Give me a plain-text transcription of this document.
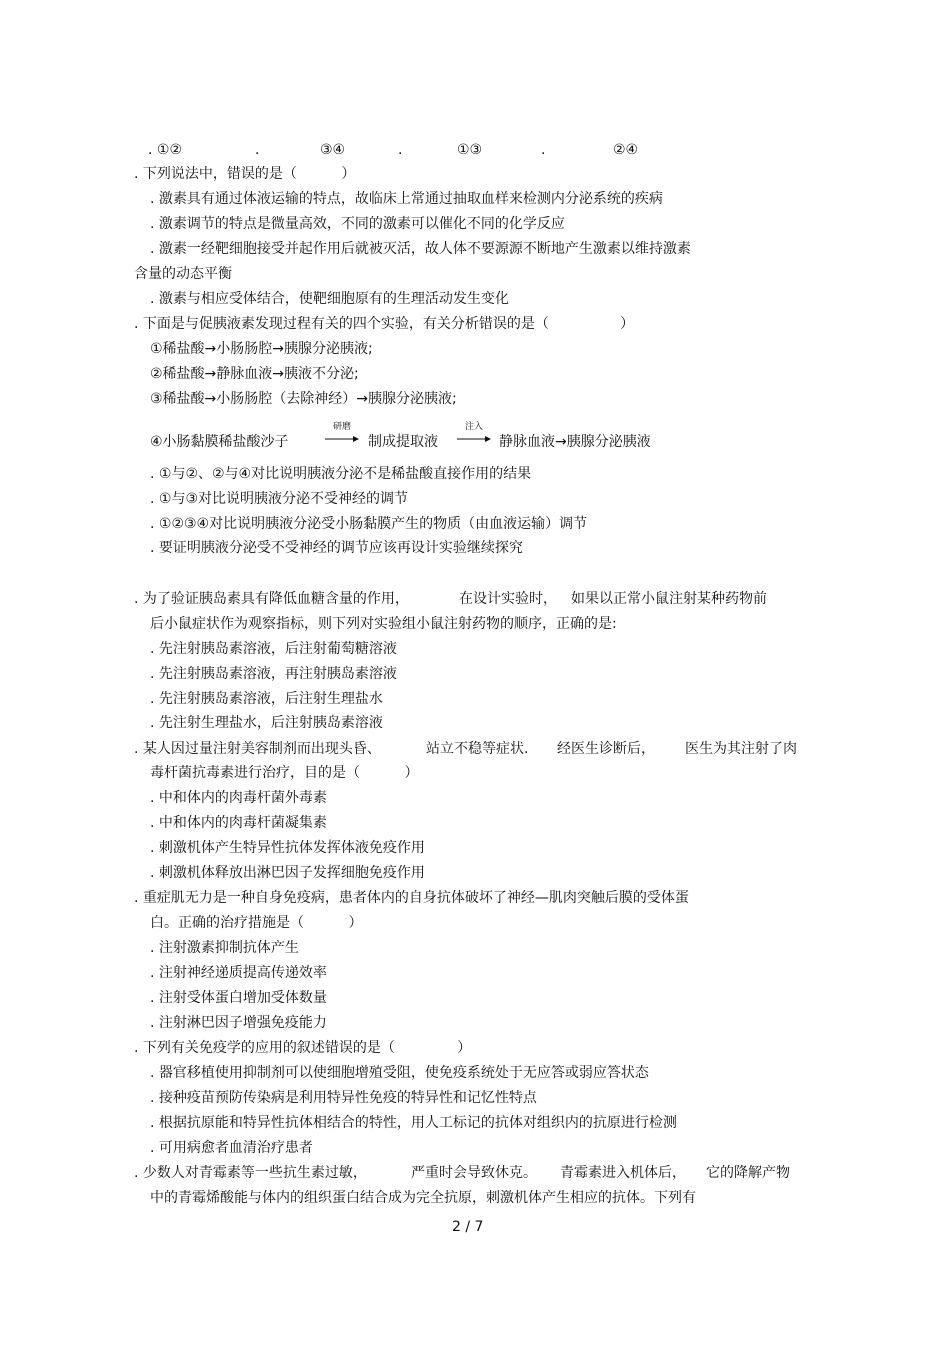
. ①②	.	③④	.	①③	.	②④
. 下列说法中，错误的是（          ）
. 激素具有通过体液运输的特点，故临床上常通过抽取血样来检测内分泌系统的疾病
. 激素调节的特点是微量高效，不同的激素可以催化不同的化学反应
. 激素一经靶细胞接受并起作用后就被灭活，故人体不要源源不断地产生激素以维持激素
含量的动态平衡
. 激素与相应受体结合，使靶细胞原有的生理活动发生变化
. 下面是与促胰液素发现过程有关的四个实验，有关分析错误的是（                ）
①稀盐酸→小肠肠腔→胰腺分泌胰液;
②稀盐酸→静脉血液→胰液不分泌;
③稀盐酸→小肠肠腔（去除神经）→胰腺分泌胰液;
④小肠黏膜稀盐酸沙子
研磨
制成提取液
注入
静脉血液→胰腺分泌胰液
. ①与②、②与④对比说明胰液分泌不是稀盐酸直接作用的结果
. ①与③对比说明胰液分泌不受神经的调节
. ①②③④对比说明胰液分泌受小肠黏膜产生的物质（由血液运输）调节
. 要证明胰液分泌受不受神经的调节应该再设计实验继续探究
. 为了验证胰岛素具有降低血糖含量的作用，	在设计实验时， 如果以正常小鼠注射某种药物前
后小鼠症状作为观察指标，则下列对实验组小鼠注射药物的顺序，正确的是:
. 先注射胰岛素溶液，后注射葡萄糖溶液
. 先注射胰岛素溶液，再注射胰岛素溶液
. 先注射胰岛素溶液，后注射生理盐水
. 先注射生理盐水，后注射胰岛素溶液
. 某人因过量注射美容制剂而出现头昏、	站立不稳等症状. 经医生诊断后， 医生为其注射了肉
毒杆菌抗毒素进行治疗，目的是（          ）
. 中和体内的肉毒杆菌外毒素
. 中和体内的肉毒杆菌凝集素
. 刺激机体产生特异性抗体发挥体液免疫作用
. 刺激机体释放出淋巴因子发挥细胞免疫作用
. 重症肌无力是一种自身免疫病，患者体内的自身抗体破坏了神经—肌肉突触后膜的受体蛋
白。正确的治疗措施是（          ）
. 注射激素抑制抗体产生
. 注射神经递质提高传递效率
. 注射受体蛋白增加受体数量
. 注射淋巴因子增强免疫能力
. 下列有关免疫学的应用的叙述错误的是（              ）
. 器官移植使用抑制剂可以使细胞增殖受阻，使免疫系统处于无应答或弱应答状态
. 接种疫苗预防传染病是利用特异性免疫的特异性和记忆性特点
. 根据抗原能和特异性抗体相结合的特性，用人工标记的抗体对组织内的抗原进行检测
. 可用病愈者血清治疗患者
. 少数人对青霉素等一些抗生素过敏，	严重时会导致休克。 青霉素进入机体后， 它的降解产物
中的青霉烯酸能与体内的组织蛋白结合成为完全抗原，刺激机体产生相应的抗体。下列有
2 / 7
